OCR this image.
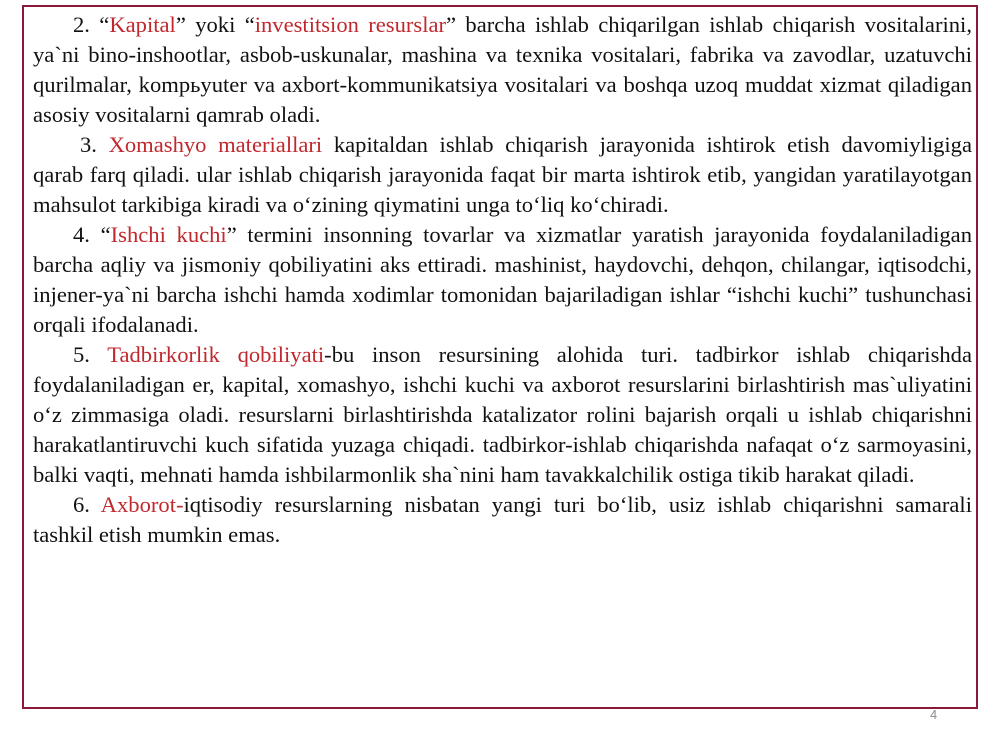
2. “Kapital” yoki “investitsion resurslar” barcha ishlab chiqarilgan ishlab chiqarish vositalarini, ya`ni bino-inshootlar, asbob-uskunalar, mashina va texnika vositalari, fabrika va zavodlar, uzatuvchi qurilmalar, kompьyuter va axbort-kommunikatsiya vositalari va boshqa uzoq muddat xizmat qiladigan asosiy vositalarni qamrab oladi.

3. Xomashyo materiallari kapitaldan ishlab chiqarish jarayonida ishtirok etish davomiyligiga qarab farq qiladi. ular ishlab chiqarish jarayonida faqat bir marta ishtirok etib, yangidan yaratilayotgan mahsulot tarkibiga kiradi va o‘zining qiymatini unga to‘liq ko‘chiradi.

4. “Ishchi kuchi” termini insonning tovarlar va xizmatlar yaratish jarayonida foydalaniladigan barcha aqliy va jismoniy qobiliyatini aks ettiradi. mashinist, haydovchi, dehqon, chilangar, iqtisodchi, injener-ya`ni barcha ishchi hamda xodimlar tomonidan bajariladigan ishlar “ishchi kuchi” tushunchasi orqali ifodalanadi.

5. Tadbirkorlik qobiliyati-bu inson resursining alohida turi. tadbirkor ishlab chiqarishda foydalaniladigan er, kapital, xomashyo, ishchi kuchi va axborot resurslarini birlashtirish mas`uliyatini o‘z zimmasiga oladi. resurslarni birlashtirishda katalizator rolini bajarish orqali u ishlab chiqarishni harakatlantiruvchi kuch sifatida yuzaga chiqadi. tadbirkor-ishlab chiqarishda nafaqat o‘z sarmoyasini, balki vaqti, mehnati hamda ishbilarmonlik sha`nini ham tavakkalchilik ostiga tikib harakat qiladi.

6. Axborot-iqtisodiy resurslarning nisbatan yangi turi bo‘lib, usiz ishlab chiqarishni samarali tashkil etish mumkin emas.

4
